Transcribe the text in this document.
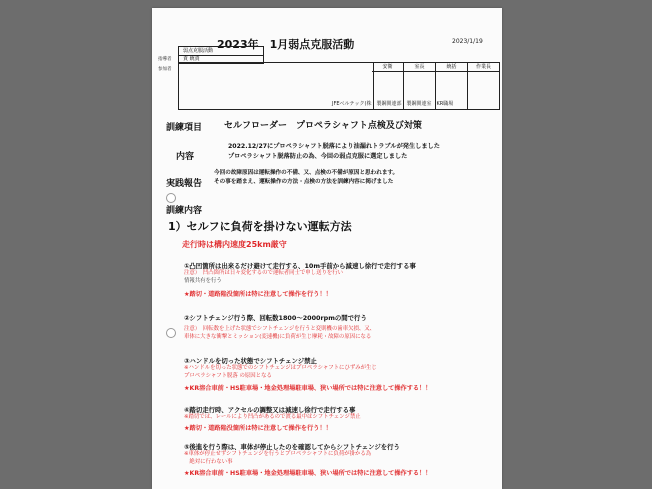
2023年　1月弱点克服活動	2023/1/19
指導者
参加者
弱点克服活動
責 統責
安衛	室長	統括	作業長
JFEベルテック(株　製鋼関連部　製鋼関連室　KR職場
訓練項目 セルフローダー　プロペラシャフト点検及び対策
内容
2022.12/27にプロペラシャフト脱落により油漏れトラブルが発生しました
プロペラシャフト脱落防止の為、今回の弱点克服に選定しました
実践報告
今回の故障原因は運転操作の不備、又、点検の不備が原因と思われます。
その事を踏まえ、運転操作の方法・点検の方法を訓練内容に掲げました
訓練内容
1）セルフに負荷を掛けない運転方法
走行時は構内速度25km厳守
①凸凹箇所は出来るだけ避けて走行する、10m手前から減速し徐行で走行する事
注意）　凹凸箇所は日々変化するので運転者同士で申し送りを行い
情報共有を行う
★踏切・道路陥没箇所は特に注意して操作を行う！！
②シフトチェンジ行う際、回転数1800～2000rpmの間で行う
注意）　回転数を上げた状態でシフトチェンジを行うと変則機の歯車欠損、又、
車体に大きな衝撃とミッション(変速機)に負荷が生じ摩耗・故障の原因になる
③ハンドルを切った状態でシフトチェンジ禁止
※ハンドルを切った状態でのシフトチェンジはプロペラシャフトにひずみが生じ
プロペラシャフト脱落 の原因となる
★KR溶合車前・HS駐車場・地金処理場駐車場、狭い場所では特に注意して操作する！！
④踏切走行時、アクセルの調整又は減速し徐行で走行する事
※踏切では、レールにより凹凸があるので渡る最中はシフトチェンジ禁止
★踏切・道路陥没箇所は特に注意して操作を行う！！
⑤後進を行う際は、車体が停止したのを確認してからシフトチェンジを行う
※車体が停止せずシフトチェンジを行うとプロペラシャフトに負荷が掛かる為
　絶対に行わない事
★KR溶合車前・HS駐車場・地金処理場駐車場、狭い場所では特に注意して操作する！！
